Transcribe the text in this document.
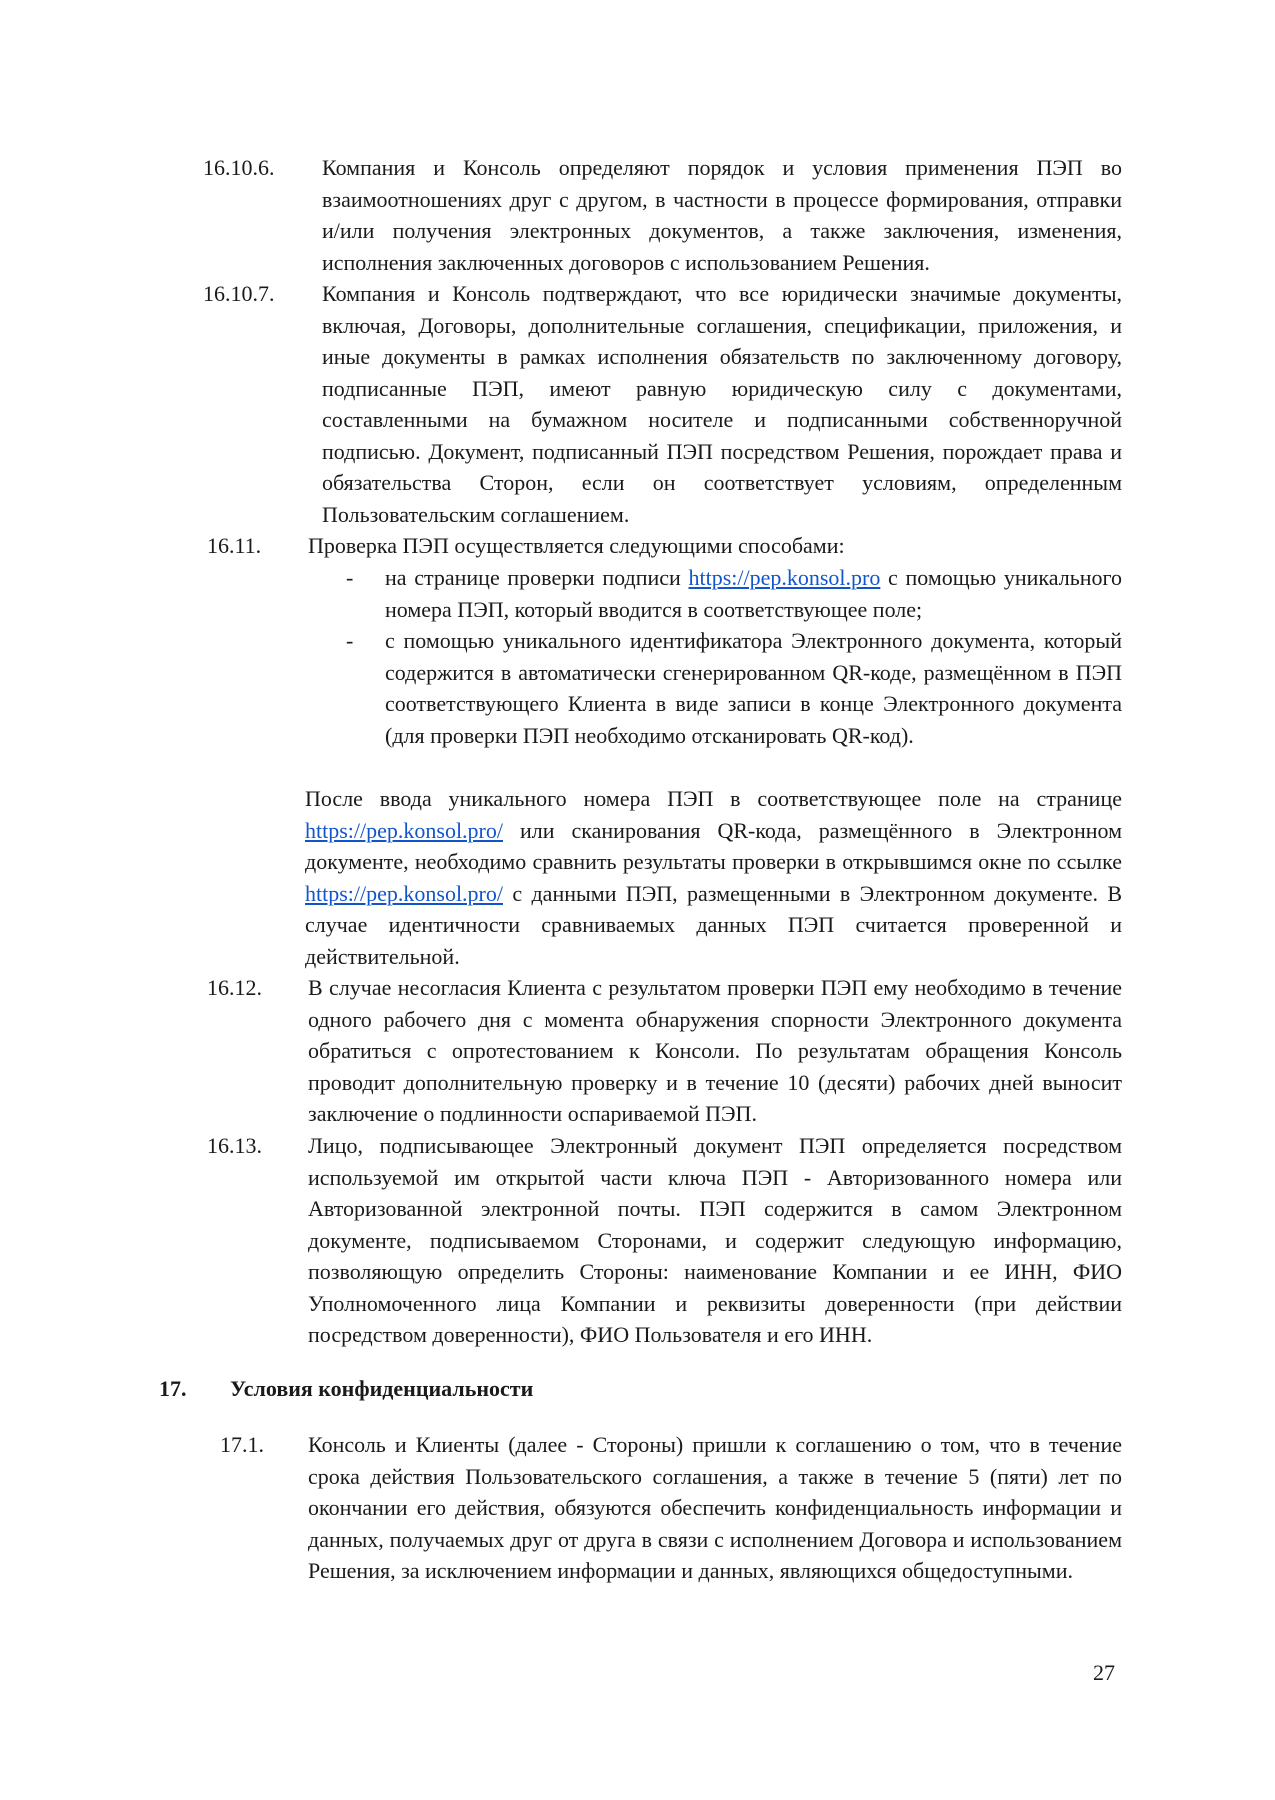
16.10.6. Компания и Консоль определяют порядок и условия применения ПЭП во взаимоотношениях друг с другом, в частности в процессе формирования, отправки и/или получения электронных документов, а также заключения, изменения, исполнения заключенных договоров с использованием Решения.
16.10.7. Компания и Консоль подтверждают, что все юридически значимые документы, включая, Договоры, дополнительные соглашения, спецификации, приложения, и иные документы в рамках исполнения обязательств по заключенному договору, подписанные ПЭП, имеют равную юридическую силу с документами, составленными на бумажном носителе и подписанными собственноручной подписью. Документ, подписанный ПЭП посредством Решения, порождает права и обязательства Сторон, если он соответствует условиям, определенным Пользовательским соглашением.
16.11. Проверка ПЭП осуществляется следующими способами:
- на странице проверки подписи https://pep.konsol.pro с помощью уникального номера ПЭП, который вводится в соответствующее поле;
- с помощью уникального идентификатора Электронного документа, который содержится в автоматически сгенерированном QR-коде, размещённом в ПЭП соответствующего Клиента в виде записи в конце Электронного документа (для проверки ПЭП необходимо отсканировать QR-код).
После ввода уникального номера ПЭП в соответствующее поле на странице https://pep.konsol.pro/ или сканирования QR-кода, размещённого в Электронном документе, необходимо сравнить результаты проверки в открывшимся окне по ссылке https://pep.konsol.pro/ с данными ПЭП, размещенными в Электронном документе. В случае идентичности сравниваемых данных ПЭП считается проверенной и действительной.
16.12. В случае несогласия Клиента с результатом проверки ПЭП ему необходимо в течение одного рабочего дня с момента обнаружения спорности Электронного документа обратиться с опротестованием к Консоли. По результатам обращения Консоль проводит дополнительную проверку и в течение 10 (десяти) рабочих дней выносит заключение о подлинности оспариваемой ПЭП.
16.13. Лицо, подписывающее Электронный документ ПЭП определяется посредством используемой им открытой части ключа ПЭП - Авторизованного номера или Авторизованной электронной почты. ПЭП содержится в самом Электронном документе, подписываемом Сторонами, и содержит следующую информацию, позволяющую определить Стороны: наименование Компании и ее ИНН, ФИО Уполномоченного лица Компании и реквизиты доверенности (при действии посредством доверенности), ФИО Пользователя и его ИНН.
17. Условия конфиденциальности
17.1. Консоль и Клиенты (далее - Стороны) пришли к соглашению о том, что в течение срока действия Пользовательского соглашения, а также в течение 5 (пяти) лет по окончании его действия, обязуются обеспечить конфиденциальность информации и данных, получаемых друг от друга в связи с исполнением Договора и использованием Решения, за исключением информации и данных, являющихся общедоступными.
27
